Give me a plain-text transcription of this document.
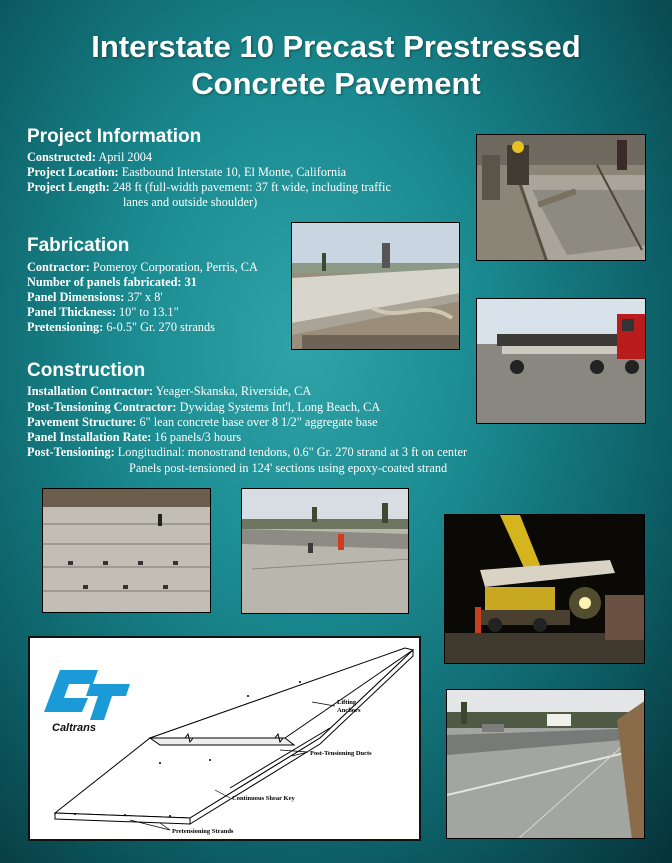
Interstate 10 Precast Prestressed
Concrete Pavement
Project Information
Constructed: April 2004
Project Location: Eastbound Interstate 10, El Monte, California
Project Length: 248 ft (full-width pavement: 37 ft wide, including traffic
lanes and outside shoulder)
Fabrication
Contractor: Pomeroy Corporation, Perris, CA
Number of panels fabricated: 31
Panel Dimensions: 37' x 8'
Panel Thickness: 10" to 13.1"
Pretensioning: 6-0.5" Gr. 270 strands
Construction
Installation Contractor: Yeager-Skanska, Riverside, CA
Post-Tensioning Contractor: Dywidag Systems Int'l, Long Beach, CA
Pavement Structure: 6" lean concrete base over 8 1/2" aggregate base
Panel Installation Rate: 16 panels/3 hours
Post-Tensioning: Longitudinal: monostrand tendons, 0.6" Gr. 270 strand at 3 ft on center
Panels post-tensioned in 124' sections using epoxy-coated strand
Caltrans
Lifting
Anchors
Post-Tensioning Ducts
Continuous Shear Key
Pretensioning Strands
